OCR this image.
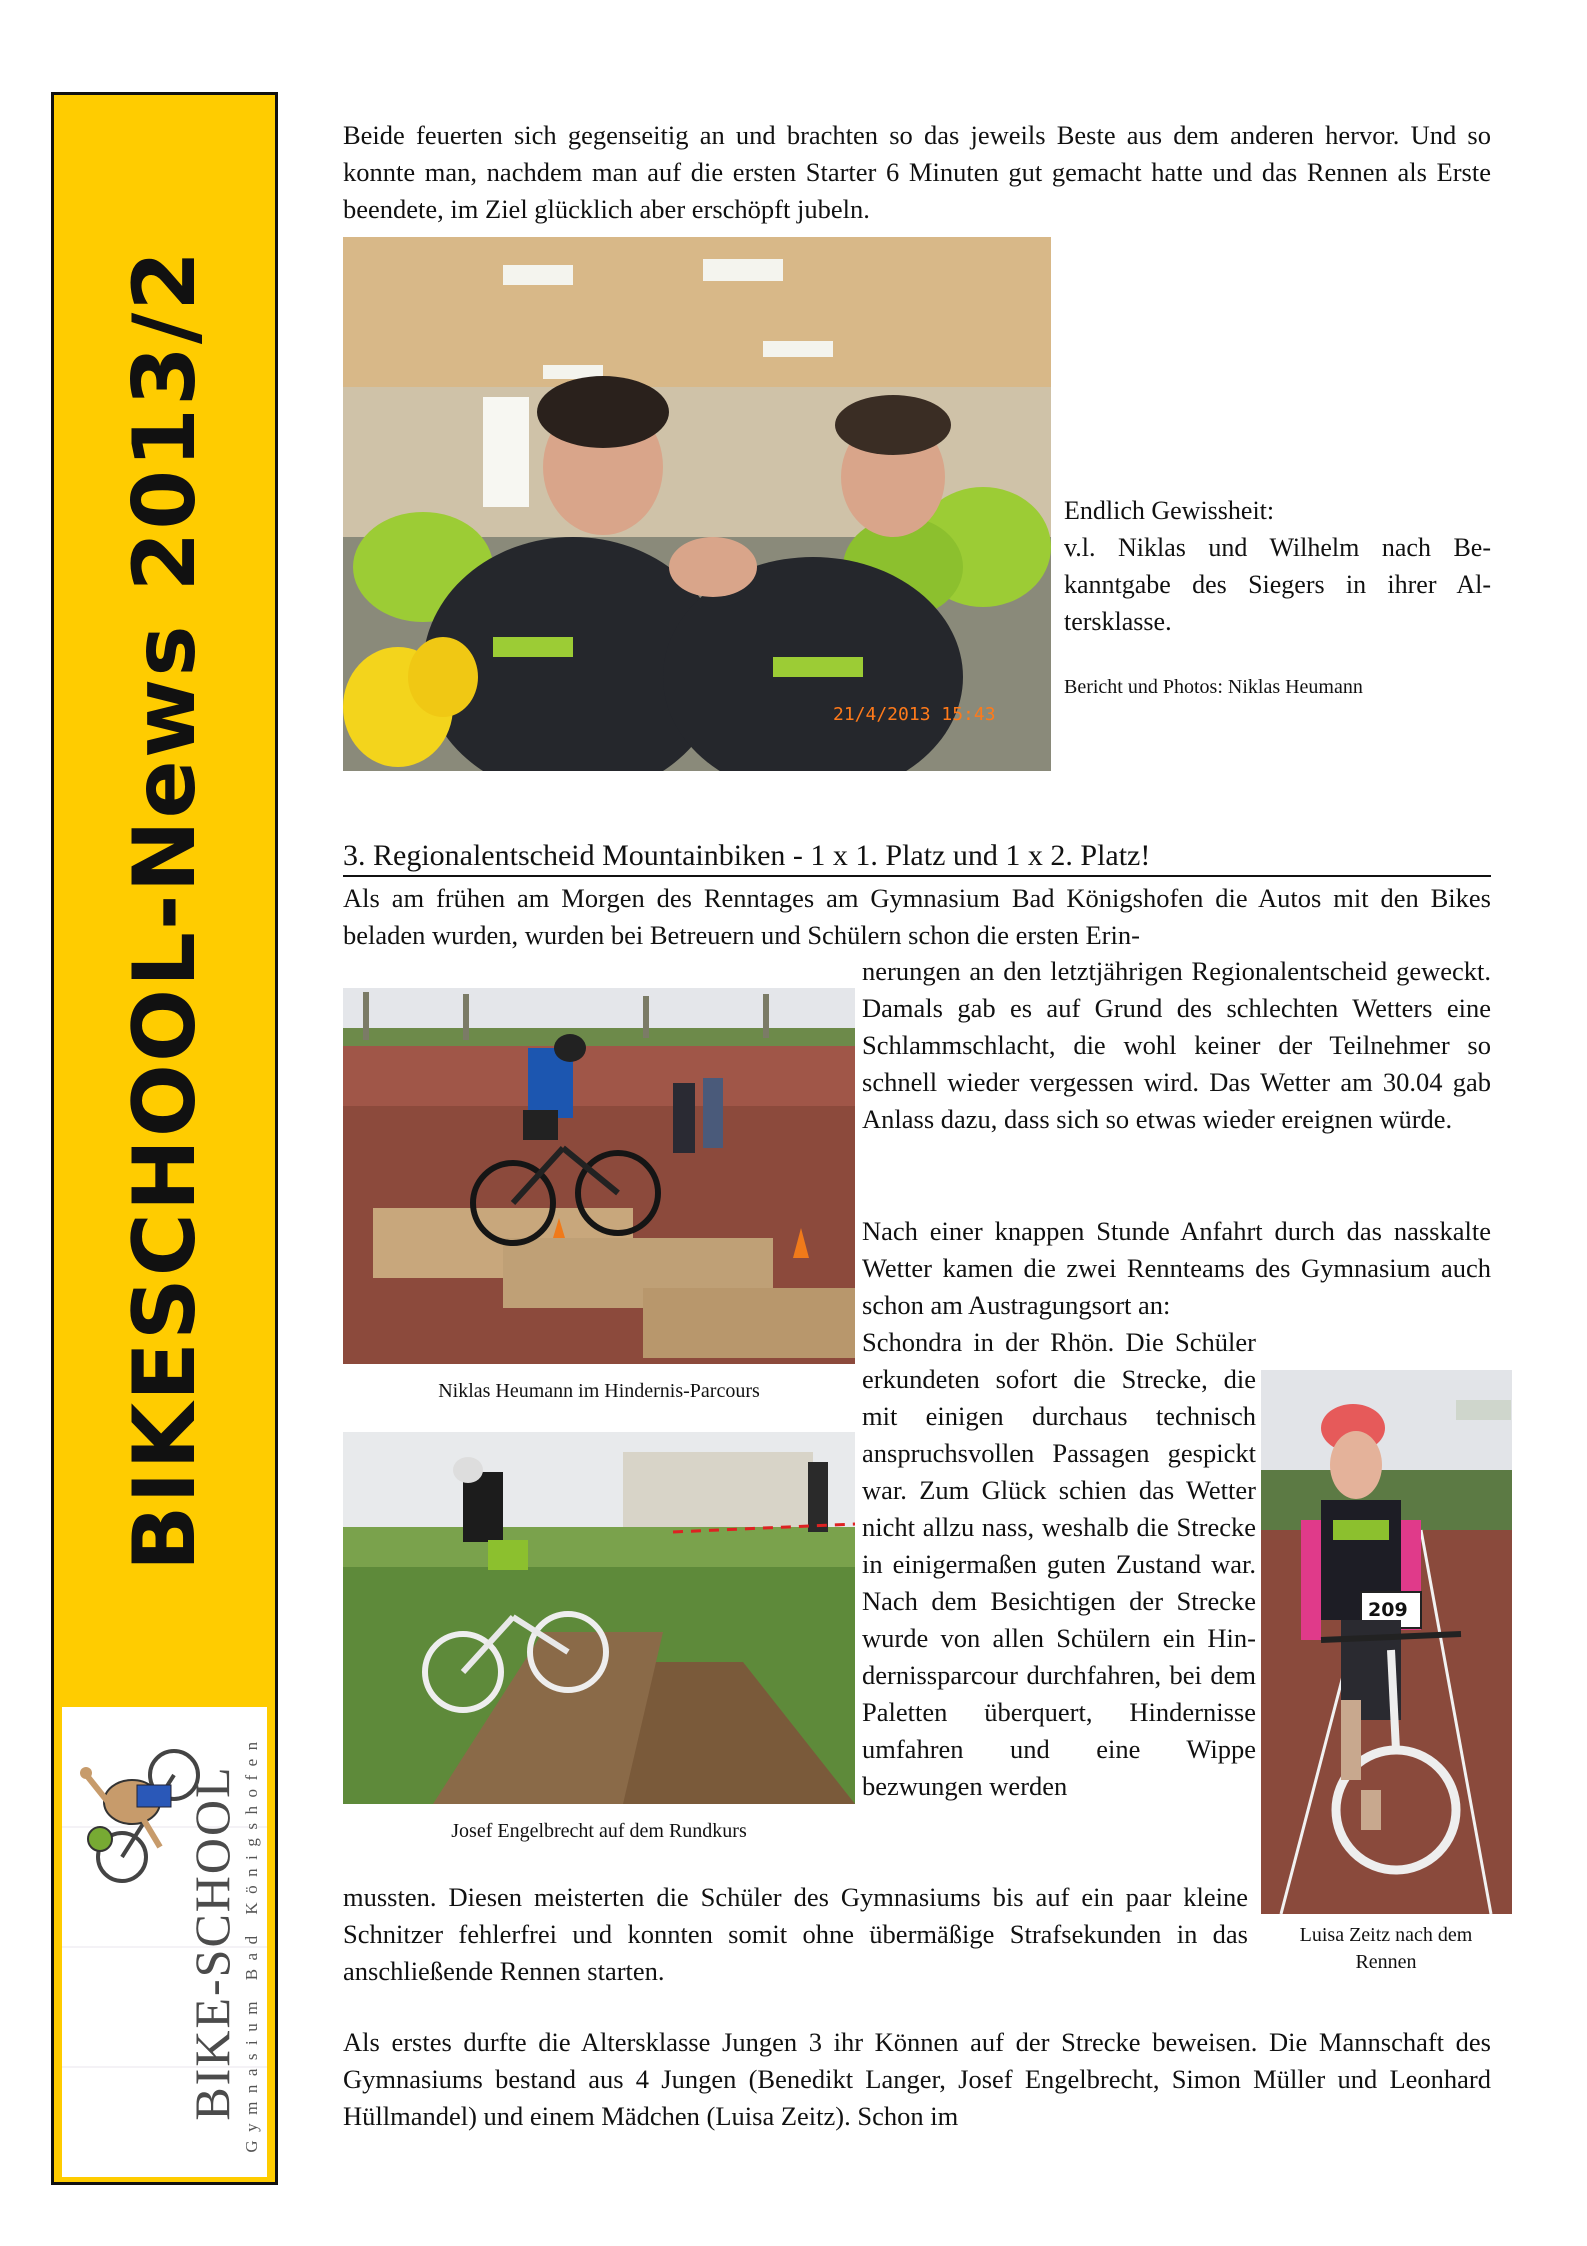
BIKESCHOOL-News 2013/2
BIKE-SCHOOL Gymnasium Bad Königshofen

Beide feuerten sich gegenseitig an und brachten so das jeweils Beste aus dem anderen hervor. Und so konnte man, nachdem man auf die ersten Starter 6 Minuten gut gemacht hatte und das Rennen als Erste beendete, im Ziel glücklich aber erschöpft jubeln.

21/4/2013 15:43

Endlich Gewissheit:

v.l. Niklas und Wilhelm nach Bekanntgabe des Siegers in ihrer Altersklasse.

Bericht und Photos: Niklas Heumann

3. Regionalentscheid Mountainbiken - 1 x 1. Platz und 1 x 2. Platz!

Als am frühen am Morgen des Renntages am Gymnasium Bad Königshofen die Autos mit den Bikes beladen wurden, wurden bei Betreuern und Schülern schon die ersten Erin-

Niklas Heumann im Hindernis-Parcours

nerungen an den letztjährigen Regionalentscheid geweckt. Damals gab es auf Grund des schlechten Wetters eine Schlammschlacht, die wohl keiner der Teilnehmer so schnell wieder vergessen wird. Das Wetter am 30.04 gab Anlass dazu, dass sich so etwas wieder ereignen würde.

Nach einer knappen Stunde Anfahrt durch das nasskalte Wetter kamen die zwei Rennteams des Gymnasium auch schon am Austragungsort an:

Josef Engelbrecht auf dem Rundkurs

Schondra in der Rhön. Die Schüler erkundeten sofort die Strecke, die mit einigen durchaus technisch anspruchsvollen Passagen gespickt war. Zum Glück schien das Wetter nicht allzu nass, weshalb die Strecke in einigermaßen guten Zustand war. Nach dem Besichtigen der Strecke wurde von allen Schülern ein Hindernissparcour durchfahren, bei dem Paletten überquert, Hindernisse umfahren und eine Wippe bezwungen werden

209

Luisa Zeitz nach dem Rennen

mussten. Diesen meisterten die Schüler des Gymnasiums bis auf ein paar kleine Schnitzer fehlerfrei und konnten somit ohne übermäßige Strafsekunden in das anschließende Rennen starten.

Als erstes durfte die Altersklasse Jungen 3 ihr Können auf der Strecke beweisen. Die Mannschaft des Gymnasiums bestand aus 4 Jungen (Benedikt Langer, Josef Engelbrecht, Simon Müller und Leonhard Hüllmandel) und einem Mädchen (Luisa Zeitz). Schon im
